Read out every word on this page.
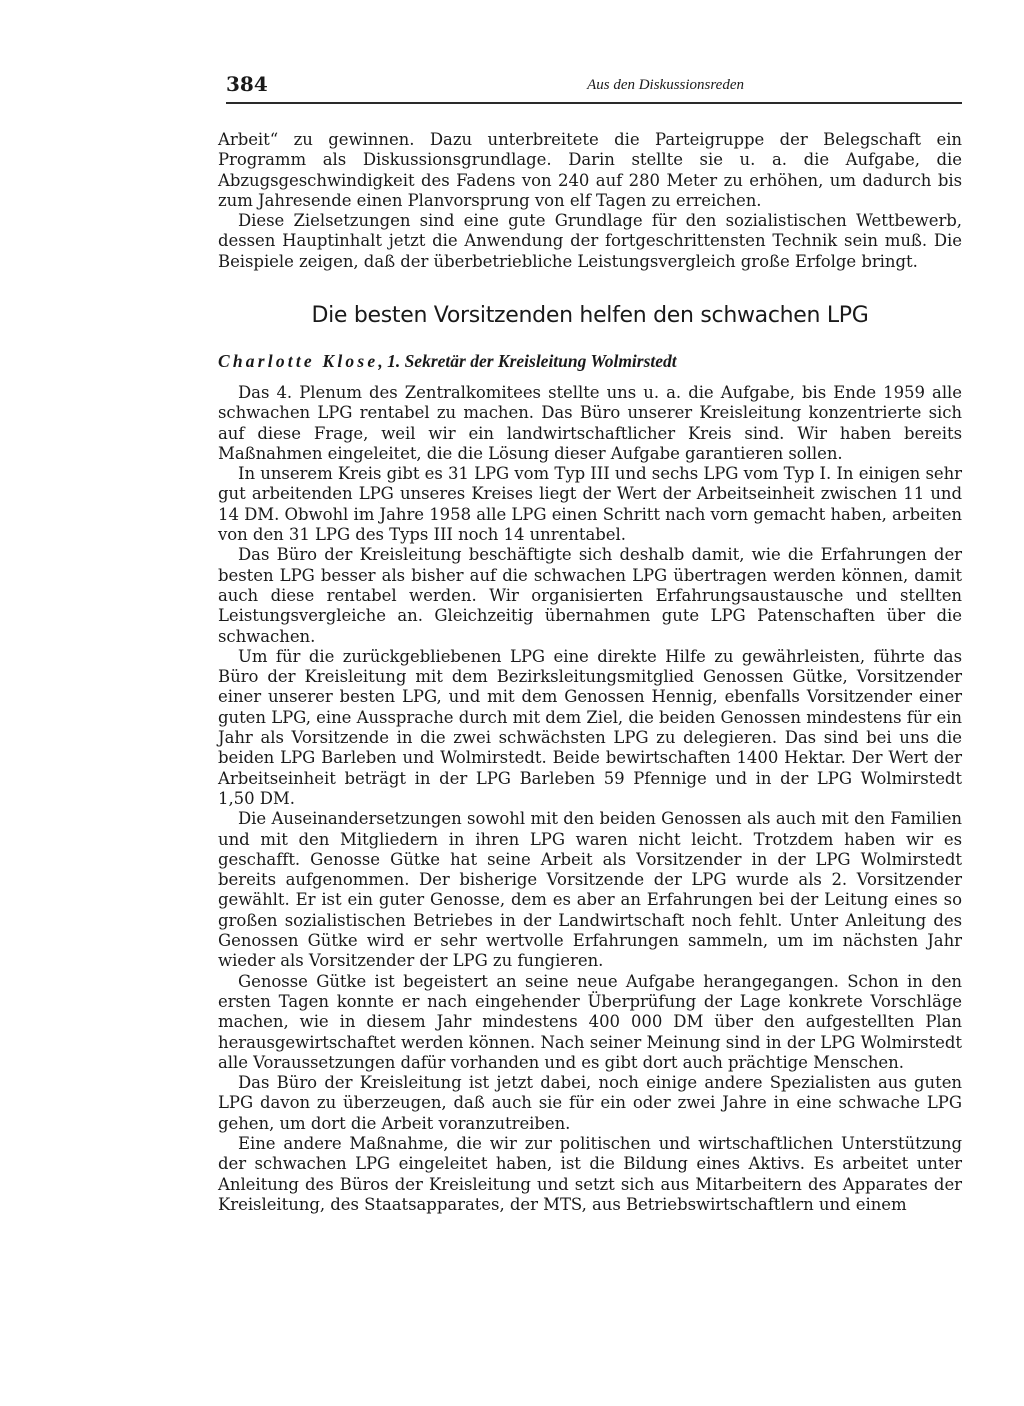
384	Aus den Diskussionsreden

Arbeit“ zu gewinnen. Dazu unterbreitete die Parteigruppe der Belegschaft ein Programm als Diskussionsgrundlage. Darin stellte sie u. a. die Aufgabe, die Abzugsgeschwindigkeit des Fadens von 240 auf 280 Meter zu erhöhen, um dadurch bis zum Jahresende einen Planvorsprung von elf Tagen zu erreichen.

Diese Zielsetzungen sind eine gute Grundlage für den sozialistischen Wettbewerb, dessen Hauptinhalt jetzt die Anwendung der fortgeschrittensten Technik sein muß. Die Beispiele zeigen, daß der überbetriebliche Leistungsvergleich große Erfolge bringt.

Die besten Vorsitzenden helfen den schwachen LPG
Charlotte Klose, 1. Sekretär der Kreisleitung Wolmirstedt

Das 4. Plenum des Zentralkomitees stellte uns u. a. die Aufgabe, bis Ende 1959 alle schwachen LPG rentabel zu machen. Das Büro unserer Kreisleitung konzentrierte sich auf diese Frage, weil wir ein landwirtschaftlicher Kreis sind. Wir haben bereits Maßnahmen eingeleitet, die die Lösung dieser Aufgabe garantieren sollen.

In unserem Kreis gibt es 31 LPG vom Typ III und sechs LPG vom Typ I. In einigen sehr gut arbeitenden LPG unseres Kreises liegt der Wert der Arbeitseinheit zwischen 11 und 14 DM. Obwohl im Jahre 1958 alle LPG einen Schritt nach vorn gemacht haben, arbeiten von den 31 LPG des Typs III noch 14 unrentabel.

Das Büro der Kreisleitung beschäftigte sich deshalb damit, wie die Erfahrungen der besten LPG besser als bisher auf die schwachen LPG übertragen werden können, damit auch diese rentabel werden. Wir organisierten Erfahrungsaustausche und stellten Leistungsvergleiche an. Gleichzeitig übernahmen gute LPG Patenschaften über die schwachen.

Um für die zurückgebliebenen LPG eine direkte Hilfe zu gewährleisten, führte das Büro der Kreisleitung mit dem Bezirksleitungsmitglied Genossen Gütke, Vorsitzender einer unserer besten LPG, und mit dem Genossen Hennig, ebenfalls Vorsitzender einer guten LPG, eine Aussprache durch mit dem Ziel, die beiden Genossen mindestens für ein Jahr als Vorsitzende in die zwei schwächsten LPG zu delegieren. Das sind bei uns die beiden LPG Barleben und Wolmirstedt. Beide bewirtschaften 1400 Hektar. Der Wert der Arbeitseinheit beträgt in der LPG Barleben 59 Pfennige und in der LPG Wolmirstedt 1,50 DM.

Die Auseinandersetzungen sowohl mit den beiden Genossen als auch mit den Familien und mit den Mitgliedern in ihren LPG waren nicht leicht. Trotzdem haben wir es geschafft. Genosse Gütke hat seine Arbeit als Vorsitzender in der LPG Wolmirstedt bereits aufgenommen. Der bisherige Vorsitzende der LPG wurde als 2. Vorsitzender gewählt. Er ist ein guter Genosse, dem es aber an Erfahrungen bei der Leitung eines so großen sozialistischen Betriebes in der Landwirtschaft noch fehlt. Unter Anleitung des Genossen Gütke wird er sehr wertvolle Erfahrungen sammeln, um im nächsten Jahr wieder als Vorsitzender der LPG zu fungieren.

Genosse Gütke ist begeistert an seine neue Aufgabe herangegangen. Schon in den ersten Tagen konnte er nach eingehender Überprüfung der Lage konkrete Vorschläge machen, wie in diesem Jahr mindestens 400 000 DM über den aufgestellten Plan herausgewirtschaftet werden können. Nach seiner Meinung sind in der LPG Wolmirstedt alle Voraussetzungen dafür vorhanden und es gibt dort auch prächtige Menschen.

Das Büro der Kreisleitung ist jetzt dabei, noch einige andere Spezialisten aus guten LPG davon zu überzeugen, daß auch sie für ein oder zwei Jahre in eine schwache LPG gehen, um dort die Arbeit voranzutreiben.

Eine andere Maßnahme, die wir zur politischen und wirtschaftlichen Unterstützung der schwachen LPG eingeleitet haben, ist die Bildung eines Aktivs. Es arbeitet unter Anleitung des Büros der Kreisleitung und setzt sich aus Mitarbeitern des Apparates der Kreisleitung, des Staatsapparates, der MTS, aus Betriebswirtschaftlern und einem
